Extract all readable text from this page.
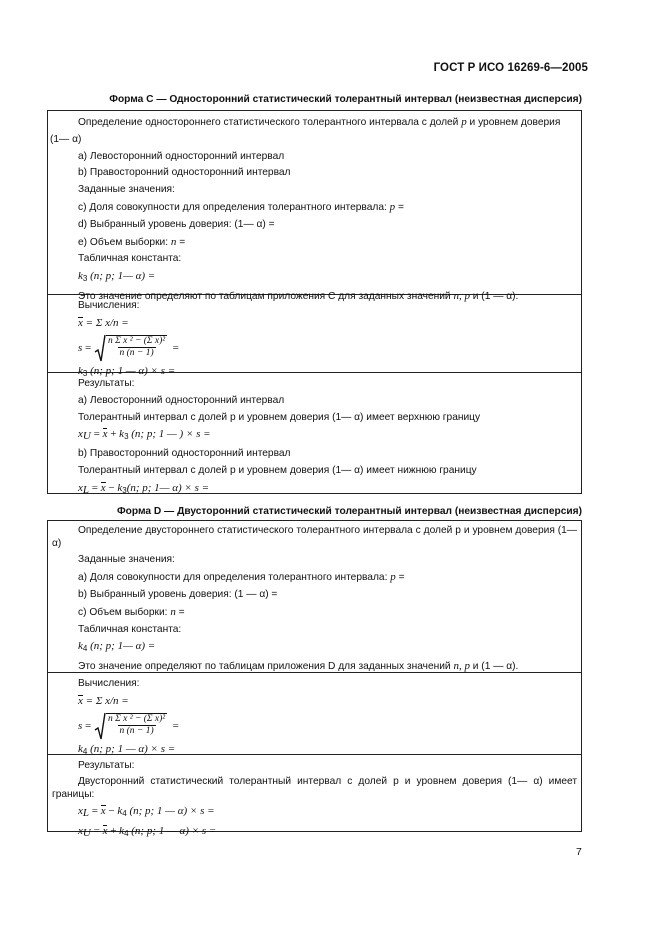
ГОСТ Р ИСО 16269-6—2005
Форма С — Односторонний статистический толерантный интервал (неизвестная дисперсия)
Определение одностороннего статистического толерантного интервала с долей p и уровнем доверия
(1— α)
a) Левосторонний односторонний интервал
b) Правосторонний односторонний интервал
Заданные значения:
c) Доля совокупности для определения толерантного интервала: p =
d) Выбранный уровень доверия: (1— α) =
e) Объем выборки: n =
Табличная константа:
$k_3$ (n; p; 1— α) =
Это значение определяют по таблицам приложения С для заданных значений n, p и (1 — α).
Вычисления:
x = Σ x/n =
$s = \frac{\text{n Σ x ² − (Σ x)²}}{n (n - 1)}$ =
$k_3$ (n; p; 1 — α) × s =
Результаты:
a) Левосторонний односторонний интервал
Толерантный интервал с долей p и уровнем доверия (1— α) имеет верхнюю границу
$x_U = x + k_3$ (n; p; 1 — ) × s =
b) Правосторонний односторонний интервал
Толерантный интервал с долей p и уровнем доверия (1— α) имеет нижнюю границу
$x_L = x - k_3(n$; p; 1— α) × s =
Форма D — Двусторонний статистический толерантный интервал (неизвестная дисперсия)
Определение двустороннего статистического толерантного интервала с долей p и уровнем доверия (1— α)
Заданные значения:
a) Доля совокупности для определения толерантного интервала: p =
b) Выбранный уровень доверия: (1 — α) =
c) Объем выборки: n =
Табличная константа:
$k_4$ (n; p; 1— α) =
Это значение определяют по таблицам приложения D для заданных значений n, p и (1 — α).
Вычисления:
x = Σ x/n =
$s = \frac{\text{n Σ x ² − (Σ x)²}}{n (n - 1)}$ =
$k_4$ (n; p; 1 — α) × s =
Результаты:
Двусторонний статистический толерантный интервал с долей p и уровнем доверия (1— α) имеет границы:
$x_L = x - k_4$ (n; p; 1 — α) × s =
$x_U = x + k_4$ (n; p; 1 — α) × s =
7
